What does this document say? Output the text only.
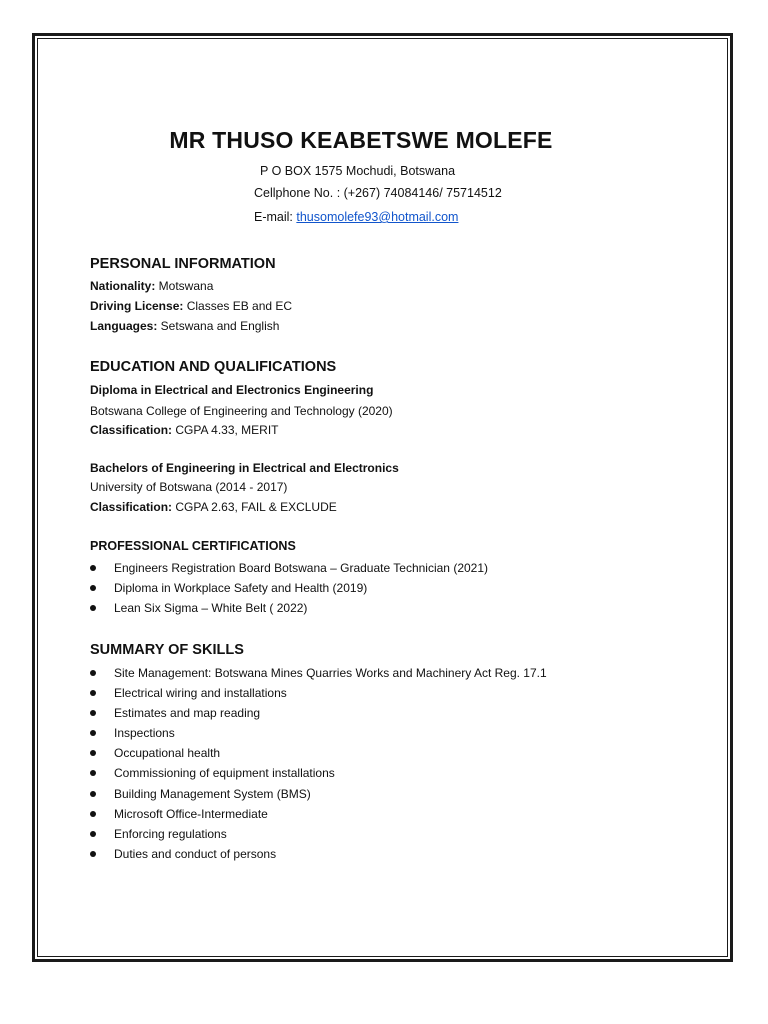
MR THUSO KEABETSWE MOLEFE
P O BOX 1575 Mochudi, Botswana
Cellphone No. : (+267) 74084146/ 75714512
E-mail: thusomolefe93@hotmail.com
PERSONAL INFORMATION
Nationality: Motswana
Driving License: Classes EB and EC
Languages: Setswana and English
EDUCATION AND QUALIFICATIONS
Diploma in Electrical and Electronics Engineering
Botswana College of Engineering and Technology (2020)
Classification: CGPA 4.33, MERIT
Bachelors of Engineering in Electrical and Electronics
University of Botswana (2014 - 2017)
Classification: CGPA 2.63, FAIL & EXCLUDE
PROFESSIONAL CERTIFICATIONS
Engineers Registration Board Botswana – Graduate Technician (2021)
Diploma in Workplace Safety and Health (2019)
Lean Six Sigma – White Belt ( 2022)
SUMMARY OF SKILLS
Site Management: Botswana Mines Quarries Works and Machinery Act Reg. 17.1
Electrical wiring and installations
Estimates and map reading
Inspections
Occupational health
Commissioning of equipment installations
Building Management System (BMS)
Microsoft Office-Intermediate
Enforcing regulations
Duties and conduct of persons
